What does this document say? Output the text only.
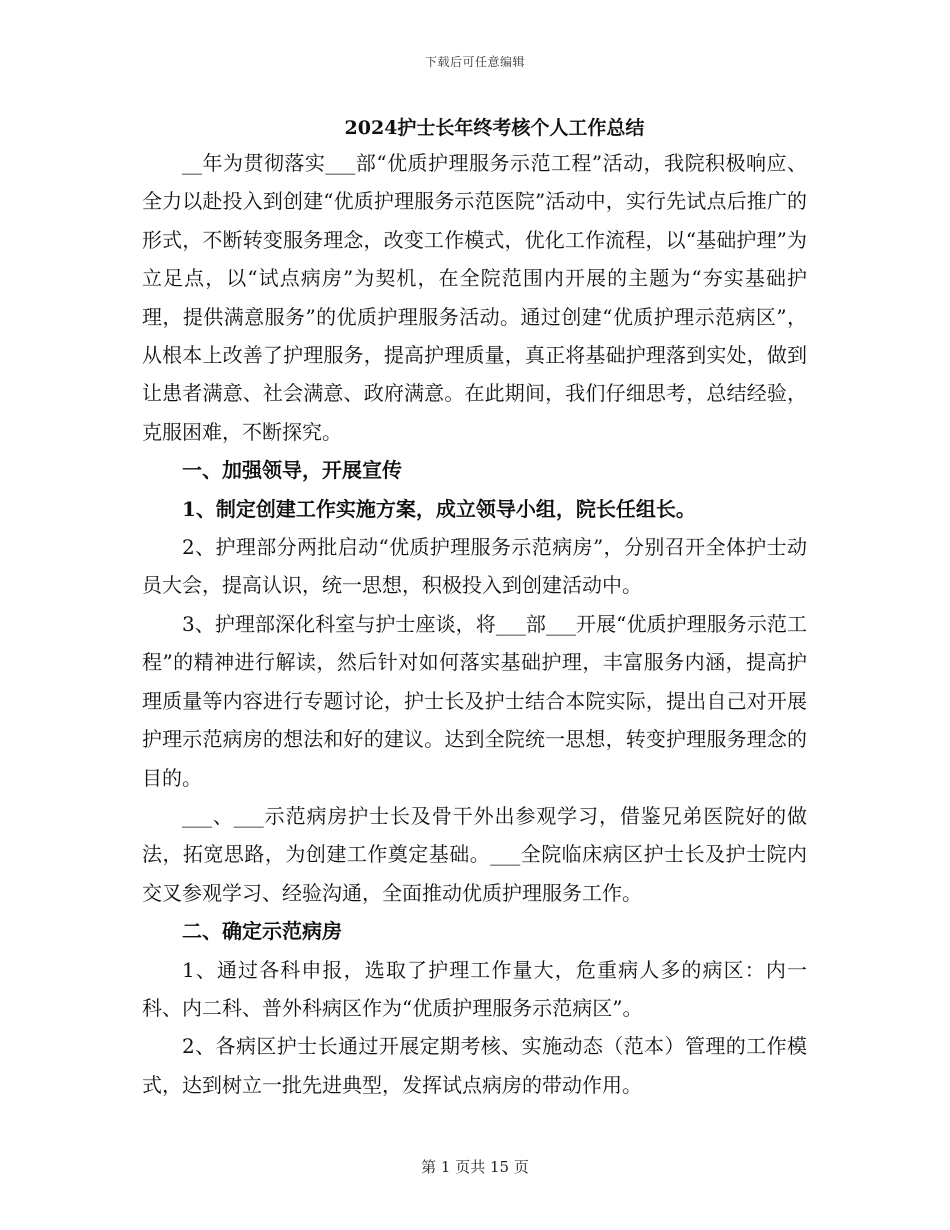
下载后可任意编辑
2024护士长年终考核个人工作总结

__年为贯彻落实___部“优质护理服务示范工程”活动，我院积极响应、全力以赴投入到创建“优质护理服务示范医院”活动中，实行先试点后推广的形式，不断转变服务理念，改变工作模式，优化工作流程，以“基础护理”为立足点，以“试点病房”为契机，在全院范围内开展的主题为“夯实基础护理，提供满意服务”的优质护理服务活动。通过创建“优质护理示范病区”，从根本上改善了护理服务，提高护理质量，真正将基础护理落到实处，做到让患者满意、社会满意、政府满意。在此期间，我们仔细思考，总结经验，克服困难，不断探究。

一、加强领导，开展宣传

1、制定创建工作实施方案，成立领导小组，院长任组长。

2、护理部分两批启动“优质护理服务示范病房”，分别召开全体护士动员大会，提高认识，统一思想，积极投入到创建活动中。

3、护理部深化科室与护士座谈，将___部___开展“优质护理服务示范工程”的精神进行解读，然后针对如何落实基础护理，丰富服务内涵，提高护理质量等内容进行专题讨论，护士长及护士结合本院实际，提出自己对开展护理示范病房的想法和好的建议。达到全院统一思想，转变护理服务理念的目的。

___、___示范病房护士长及骨干外出参观学习，借鉴兄弟医院好的做法，拓宽思路，为创建工作奠定基础。___全院临床病区护士长及护士院内交叉参观学习、经验沟通，全面推动优质护理服务工作。

二、确定示范病房

1、通过各科申报，选取了护理工作量大，危重病人多的病区：内一科、内二科、普外科病区作为“优质护理服务示范病区”。

2、各病区护士长通过开展定期考核、实施动态（范本）管理的工作模式，达到树立一批先进典型，发挥试点病房的带动作用。

第 1 页共 15 页
